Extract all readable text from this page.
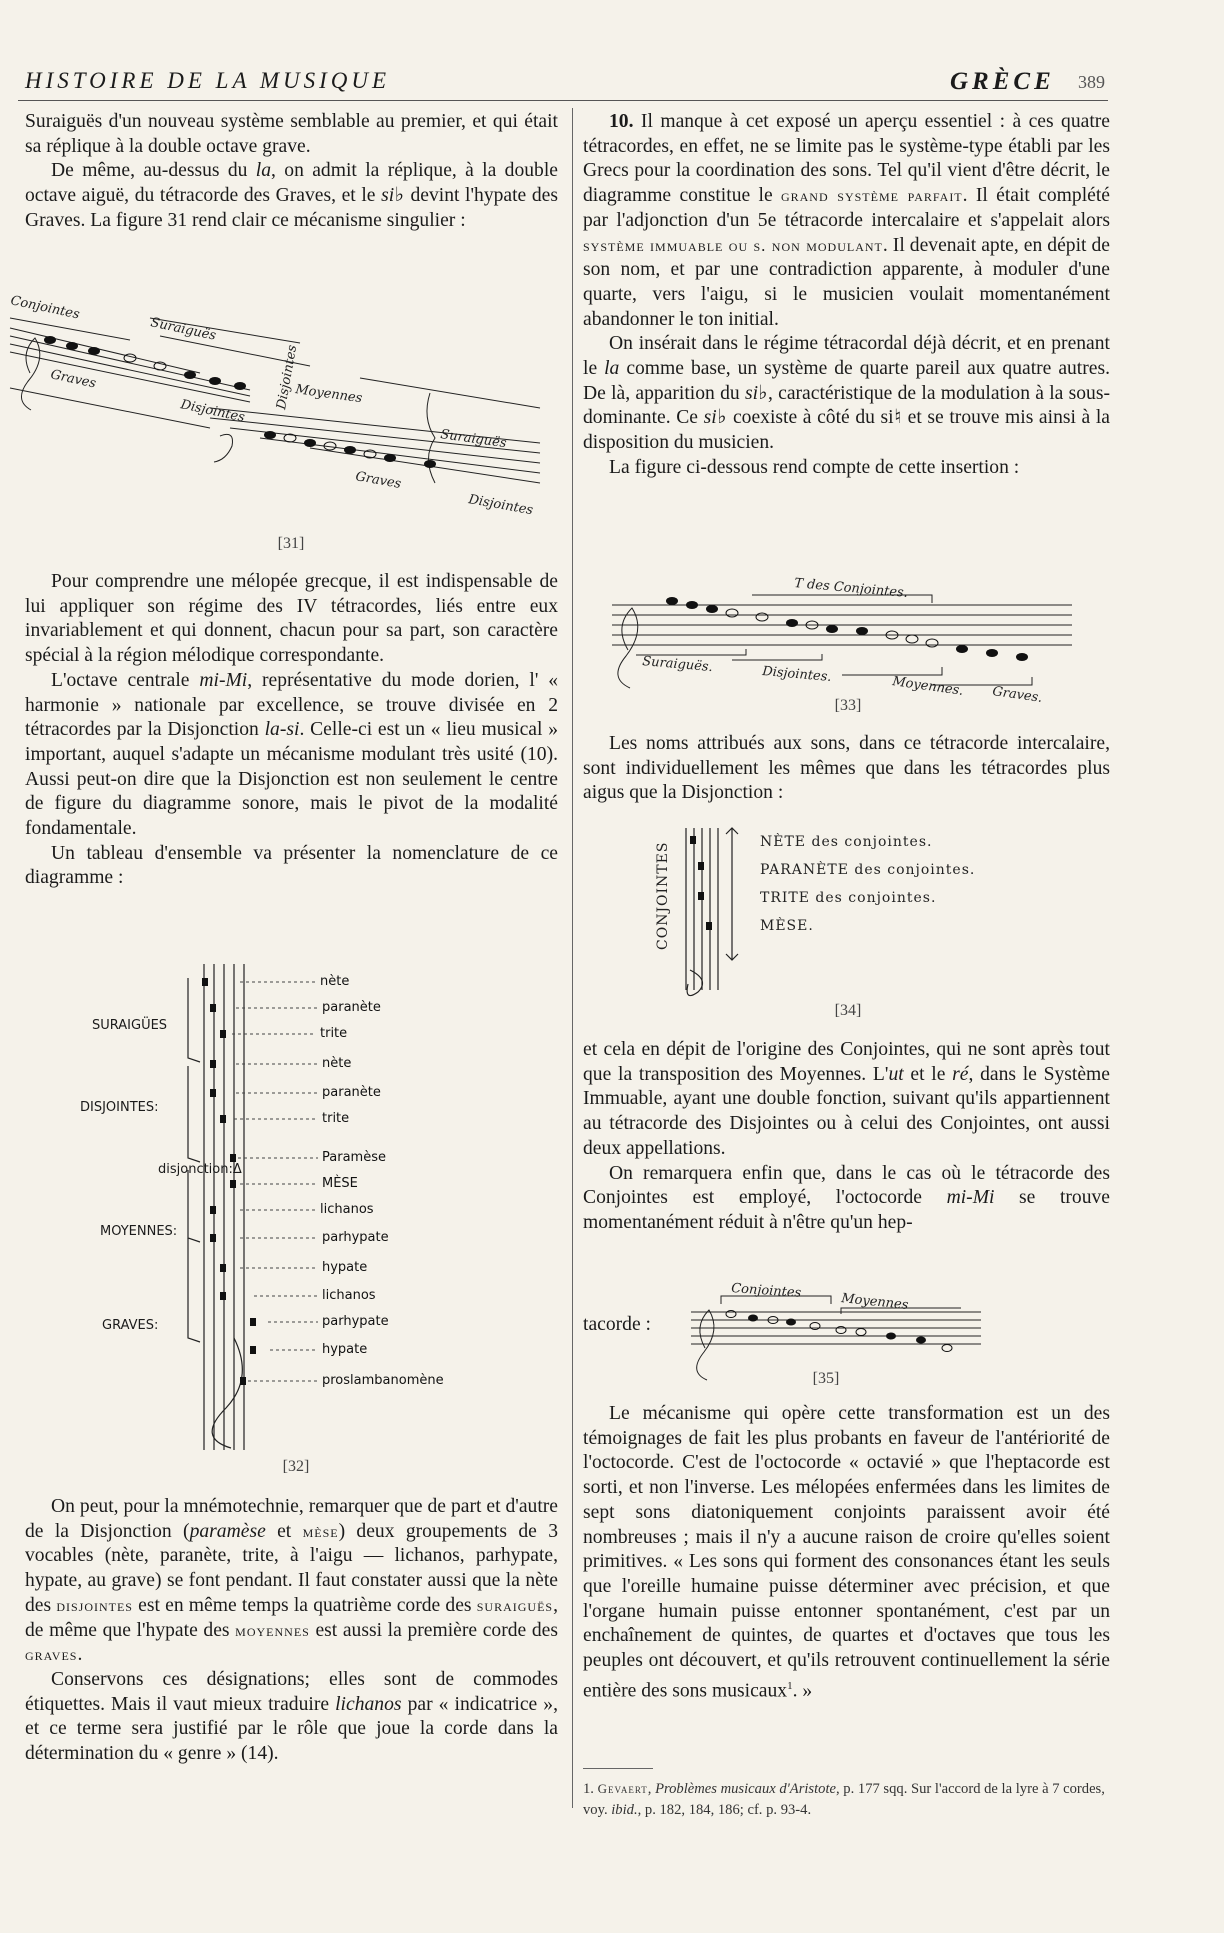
HISTOIRE DE LA MUSIQUE	GRÈCE 389

Suraiguës d'un nouveau système semblable au premier, et qui était sa réplique à la double octave grave.

De même, au-dessus du la, on admit la réplique, à la double octave aiguë, du tétracorde des Graves, et le si♭ devint l'hypate des Graves. La figure 31 rend clair ce mécanisme singulier :

Conjointes
Suraiguës
Graves
Disjointes
Moyennes
Disjointes
Suraiguës
Graves
Disjointes
[31]

Pour comprendre une mélopée grecque, il est indispensable de lui appliquer son régime des IV tétracordes, liés entre eux invariablement et qui donnent, chacun pour sa part, son caractère spécial à la région mélodique correspondante.

L'octave centrale mi-Mi, représentative du mode dorien, l' « harmonie » nationale par excellence, se trouve divisée en 2 tétracordes par la Disjonction la-si. Celle-ci est un « lieu musical » important, auquel s'adapte un mécanisme modulant très usité (10). Aussi peut-on dire que la Disjonction est non seulement le centre de figure du diagramme sonore, mais le pivot de la modalité fondamentale.

Un tableau d'ensemble va présenter la nomenclature de ce diagramme :

SURAIGÜES
DISJOINTES:
disjonction:Δ
MOYENNES:
GRAVES:
nète
paranète
trite
nète
paranète
trite
Paramèse
MÈSE
lichanos
parhypate
hypate
lichanos
parhypate
hypate
proslambanomène
[32]

On peut, pour la mnémotechnie, remarquer que de part et d'autre de la Disjonction (paramèse et mèse) deux groupements de 3 vocables (nète, paranète, trite, à l'aigu — lichanos, parhypate, hypate, au grave) se font pendant. Il faut constater aussi que la nète des disjointes est en même temps la quatrième corde des suraiguës, de même que l'hypate des moyennes est aussi la première corde des graves.

Conservons ces désignations; elles sont de commodes étiquettes. Mais il vaut mieux traduire lichanos par « indicatrice », et ce terme sera justifié par le rôle que joue la corde dans la détermination du « genre » (14).

10. Il manque à cet exposé un aperçu essentiel : à ces quatre tétracordes, en effet, ne se limite pas le système-type établi par les Grecs pour la coordination des sons. Tel qu'il vient d'être décrit, le diagramme constitue le grand système parfait. Il était complété par l'adjonction d'un 5e tétracorde intercalaire et s'appelait alors système immuable ou s. non modulant. Il devenait apte, en dépit de son nom, et par une contradiction apparente, à moduler d'une quarte, vers l'aigu, si le musicien voulait momentanément abandonner le ton initial.

On insérait dans le régime tétracordal déjà décrit, et en prenant le la comme base, un système de quarte pareil aux quatre autres. De là, apparition du si♭, caractéristique de la modulation à la sous-dominante. Ce si♭ coexiste à côté du si♮ et se trouve mis ainsi à la disposition du musicien.

La figure ci-dessous rend compte de cette insertion :

T des Conjointes.
Suraiguës.	Disjointes.	Moyennes. Graves.
[33]

Les noms attribués aux sons, dans ce tétracorde intercalaire, sont individuellement les mêmes que dans les tétracordes plus aigus que la Disjonction :

CONJOINTES	NÈTE des conjointes.
PARANÈTE des conjointes.
TRITE des conjointes.
MÈSE.
[34]

et cela en dépit de l'origine des Conjointes, qui ne sont après tout que la transposition des Moyennes. L'ut et le ré, dans le Système Immuable, ayant une double fonction, suivant qu'ils appartiennent au tétracorde des Disjointes ou à celui des Conjointes, ont aussi deux appellations.

On remarquera enfin que, dans le cas où le tétracorde des Conjointes est employé, l'octocorde mi-Mi se trouve momentanément réduit à n'être qu'un hep-

tacorde :
Conjointes
Moyennes
[35]

Le mécanisme qui opère cette transformation est un des témoignages de fait les plus probants en faveur de l'antériorité de l'octocorde. C'est de l'octocorde « octavié » que l'heptacorde est sorti, et non l'inverse. Les mélopées enfermées dans les limites de sept sons diatoniquement conjoints paraissent avoir été nombreuses ; mais il n'y a aucune raison de croire qu'elles soient primitives. « Les sons qui forment des consonances étant les seuls que l'oreille humaine puisse déterminer avec précision, et que l'organe humain puisse entonner spontanément, c'est par un enchaînement de quintes, de quartes et d'octaves que tous les peuples ont découvert, et qu'ils retrouvent continuellement la série entière des sons musicaux$^1$. »

1. Gevaert, Problèmes musicaux d'Aristote, p. 177 sqq. Sur l'accord de la lyre à 7 cordes, voy. ibid., p. 182, 184, 186; cf. p. 93-4.
